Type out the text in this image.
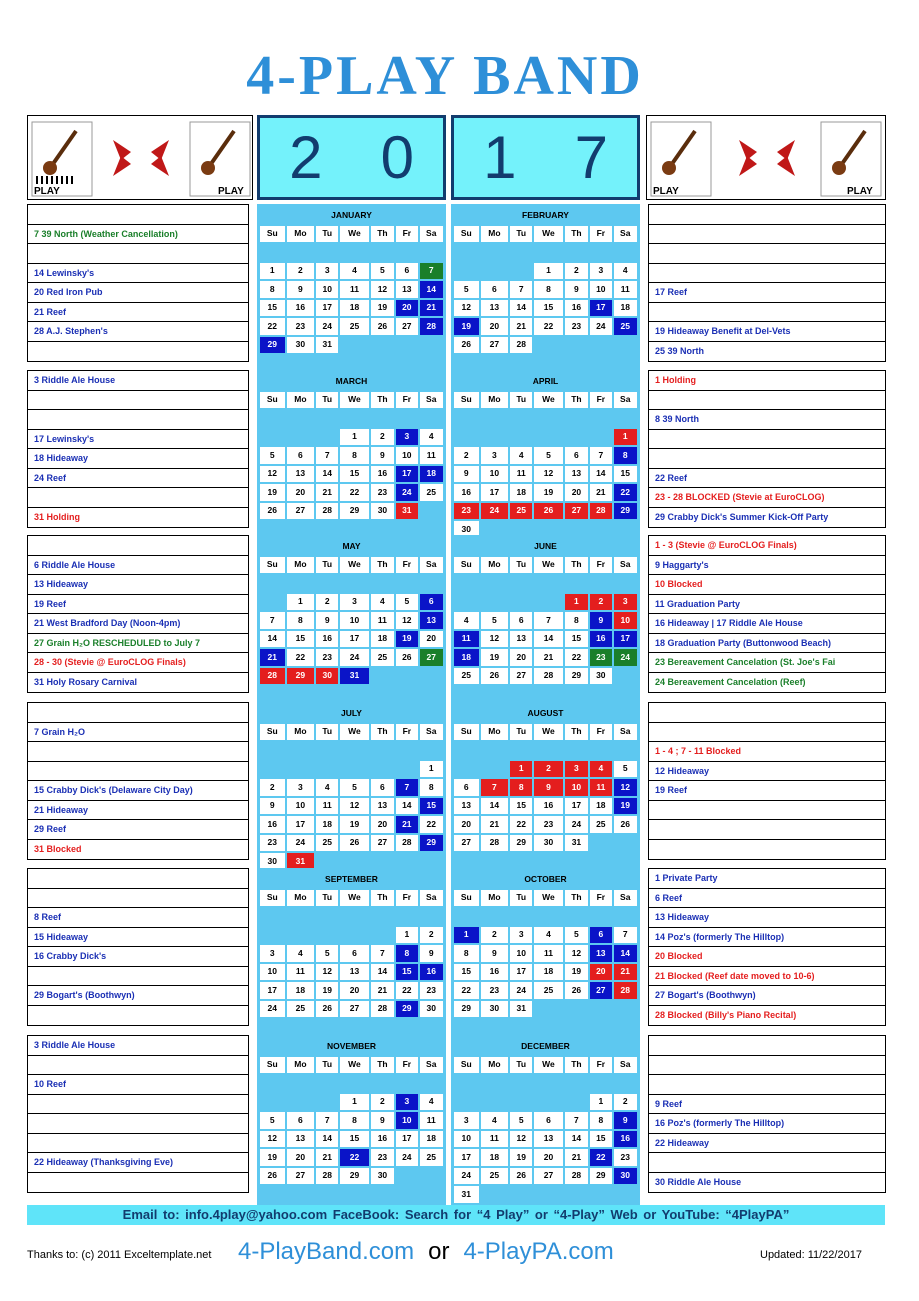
4-PLAY BAND
PLAY	PLAY
2 0 1 7
PLAY	PLAY
7 39 North (Weather Cancellation)
14 Lewinsky's
20 Red Iron Pub
21 Reef
28 A.J. Stephen's
17 Reef
19 Hideaway Benefit at Del-Vets
25 39 North
JANUARY						
Su	Mo	Tu	We	Th	Fr	Sa

1	2	3	4	5	6	7
8	9	10	11	12	13	14
15	16	17	18	19	20	21
22	23	24	25	26	27	28
29	30	31				

FEBRUARY						
Su	Mo	Tu	We	Th	Fr	Sa

			1	2	3	4
5	6	7	8	9	10	11
12	13	14	15	16	17	18
19	20	21	22	23	24	25
26	27	28				

3 Riddle Ale House
17 Lewinsky's
18 Hideaway
24 Reef
31 Holding
1 Holding
8 39 North
22 Reef
23 - 28 BLOCKED (Stevie at EuroCLOG)
29 Crabby Dick's Summer Kick-Off Party
MARCH						
Su	Mo	Tu	We	Th	Fr	Sa

			1	2	3	4
5	6	7	8	9	10	11
12	13	14	15	16	17	18
19	20	21	22	23	24	25
26	27	28	29	30	31	

APRIL						
Su	Mo	Tu	We	Th	Fr	Sa

						1
2	3	4	5	6	7	8
9	10	11	12	13	14	15
16	17	18	19	20	21	22
23	24	25	26	27	28	29
30						
6 Riddle Ale House
13 Hideaway
19 Reef
21 West Bradford Day (Noon-4pm)
27 Grain H₂O RESCHEDULED to July 7
28 - 30 (Stevie @ EuroCLOG Finals)
31 Holy Rosary Carnival
1 - 3 (Stevie @ EuroCLOG Finals)
9 Haggarty's
10 Blocked
11 Graduation Party
16 Hideaway | 17 Riddle Ale House
18 Graduation Party (Buttonwood Beach)
23 Bereavement Cancelation (St. Joe's Fai
24 Bereavement Cancelation (Reef)
MAY						
Su	Mo	Tu	We	Th	Fr	Sa

	1	2	3	4	5	6
7	8	9	10	11	12	13
14	15	16	17	18	19	20
21	22	23	24	25	26	27
28	29	30	31			

JUNE						
Su	Mo	Tu	We	Th	Fr	Sa

				1	2	3
4	5	6	7	8	9	10
11	12	13	14	15	16	17
18	19	20	21	22	23	24
25	26	27	28	29	30	

7 Grain H₂O
15 Crabby Dick's (Delaware City Day)
21 Hideaway
29 Reef
31 Blocked
1 - 4 ; 7 - 11 Blocked
12 Hideaway
19 Reef
JULY						
Su	Mo	Tu	We	Th	Fr	Sa

						1
2	3	4	5	6	7	8
9	10	11	12	13	14	15
16	17	18	19	20	21	22
23	24	25	26	27	28	29
30	31					
AUGUST						
Su	Mo	Tu	We	Th	Fr	Sa

		1	2	3	4	5
6	7	8	9	10	11	12
13	14	15	16	17	18	19
20	21	22	23	24	25	26
27	28	29	30	31		

8 Reef
15 Hideaway
16 Crabby Dick's
29 Bogart's (Boothwyn)
1 Private Party
6 Reef
13 Hideaway
14 Poz's (formerly The Hilltop)
20 Blocked
21 Blocked (Reef date moved to 10-6)
27 Bogart's (Boothwyn)
28 Blocked (Billy's Piano Recital)
SEPTEMBER						
Su	Mo	Tu	We	Th	Fr	Sa

					1	2
3	4	5	6	7	8	9
10	11	12	13	14	15	16
17	18	19	20	21	22	23
24	25	26	27	28	29	30

OCTOBER						
Su	Mo	Tu	We	Th	Fr	Sa

1	2	3	4	5	6	7
8	9	10	11	12	13	14
15	16	17	18	19	20	21
22	23	24	25	26	27	28
29	30	31				

3 Riddle Ale House
10 Reef
22 Hideaway (Thanksgiving Eve)
9 Reef
16 Poz's (formerly The Hilltop)
22 Hideaway
30 Riddle Ale House
NOVEMBER						
Su	Mo	Tu	We	Th	Fr	Sa

			1	2	3	4
5	6	7	8	9	10	11
12	13	14	15	16	17	18
19	20	21	22	23	24	25
26	27	28	29	30		

DECEMBER						
Su	Mo	Tu	We	Th	Fr	Sa

					1	2
3	4	5	6	7	8	9
10	11	12	13	14	15	16
17	18	19	20	21	22	23
24	25	26	27	28	29	30
31						
Email to: info.4play@yahoo.com FaceBook: Search for “4 Play” or “4-Play” Web or YouTube: “4PlayPA”
Thanks to: (c) 2011 Exceltemplate.net 4-PlayBand.com or 4-PlayPA.com	Updated: 11/22/2017
